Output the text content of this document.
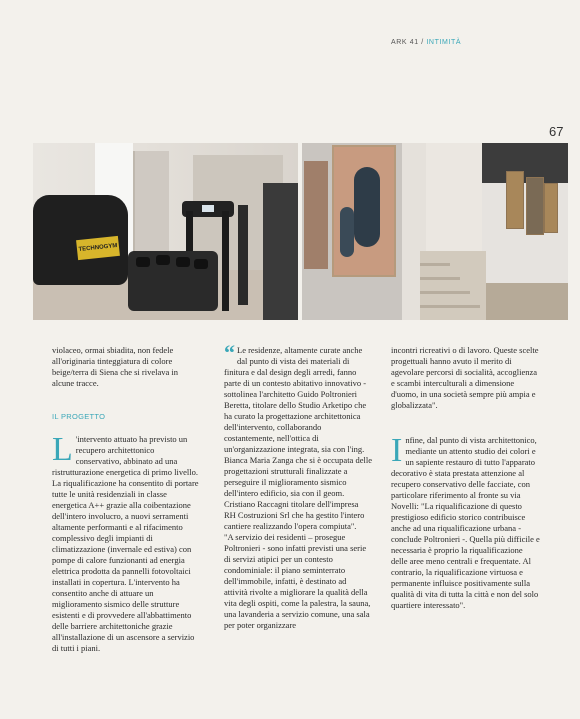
ARK 41 / INTIMITÀ
67
TECHNOGYM

violaceo, ormai sbiadita, non fedele all'originaria tinteggiatura di colore beige/terra di Siena che si rivelava in alcune tracce.

IL PROGETTO

L 'intervento attuato ha previsto un recupero architettonico conservativo, abbinato ad una ristrutturazione energetica di primo livello. La riqualificazione ha consentito di portare tutte le unità residenziali in classe energetica A++ grazie alla coibentazione dell'intero involucro, a nuovi serramenti altamente performanti e al rifacimento complessivo degli impianti di climatizzazione (invernale ed estiva) con pompe di calore funzionanti ad energia elettrica prodotta da pannelli fotovoltaici installati in copertura. L'intervento ha consentito anche di attuare un miglioramento sismico delle strutture esistenti e di provvedere all'abbattimento delle barriere architettoniche grazie all'installazione di un ascensore a servizio di tutti i piani.

“ Le residenze, altamente curate anche dal punto di vista dei materiali di finitura e dal design degli arredi, fanno parte di un contesto abitativo innovativo - sottolinea l'architetto Guido Poltronieri Beretta, titolare dello Studio Arketipo che ha curato la progettazione architettonica dell'intervento, collaborando costantemente, nell'ottica di un'organizzazione integrata, sia con l'ing. Bianca Maria Zanga che si è occupata delle progettazioni strutturali finalizzate a perseguire il miglioramento sismico dell'intero edificio, sia con il geom. Cristiano Raccagni titolare dell'impresa RH Costruzioni Srl che ha gestito l'intero cantiere realizzando l'opera compiuta".

"A servizio dei residenti – prosegue Poltronieri - sono infatti previsti una serie di servizi atipici per un contesto condominiale: il piano seminterrato dell'immobile, infatti, è destinato ad attività rivolte a migliorare la qualità della vita degli ospiti, come la palestra, la sauna, una lavanderia a servizio comune, una sala per poter organizzare

incontri ricreativi o di lavoro. Queste scelte progettuali hanno avuto il merito di agevolare percorsi di socialità, accoglienza e scambi interculturali a dimensione d'uomo, in una società sempre più ampia e globalizzata".

Infine, dal punto di vista architettonico, mediante un attento studio dei colori e un sapiente restauro di tutto l'apparato decorativo è stata prestata attenzione al recupero conservativo delle facciate, con particolare riferimento al fronte su via Novelli: "La riqualificazione di questo prestigioso edificio storico contribuisce anche ad una riqualificazione urbana - conclude Poltronieri -. Quella più difficile e necessaria è proprio la riqualificazione delle aree meno centrali e frequentate. Al contrario, la riqualificazione virtuosa e permanente influisce positivamente sulla qualità di vita di tutta la città e non del solo quartiere interessato".
